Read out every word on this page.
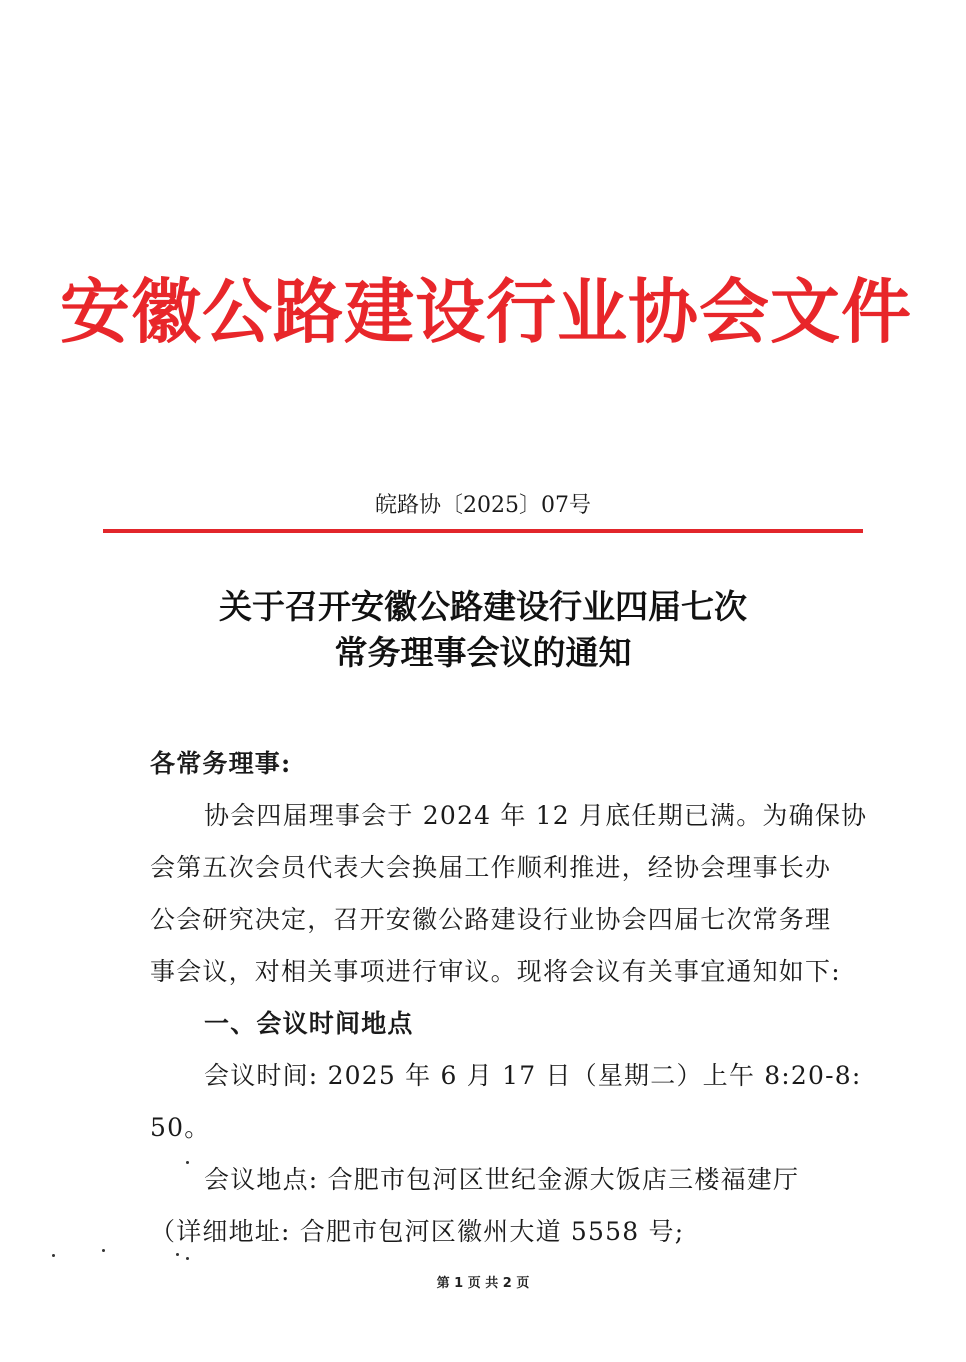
安徽公路建设行业协会文件
皖路协〔2025〕07号
关于召开安徽公路建设行业四届七次
常务理事会议的通知
各常务理事:
协会四届理事会于 2024 年 12 月底任期已满。为确保协
会第五次会员代表大会换届工作顺利推进，经协会理事长办
公会研究决定，召开安徽公路建设行业协会四届七次常务理
事会议，对相关事项进行审议。现将会议有关事宜通知如下:
一、会议时间地点
会议时间: 2025 年 6 月 17 日（星期二）上午 8:20-8:
50。
会议地点: 合肥市包河区世纪金源大饭店三楼福建厅
（详细地址: 合肥市包河区徽州大道 5558 号;
第 1 页 共 2 页
